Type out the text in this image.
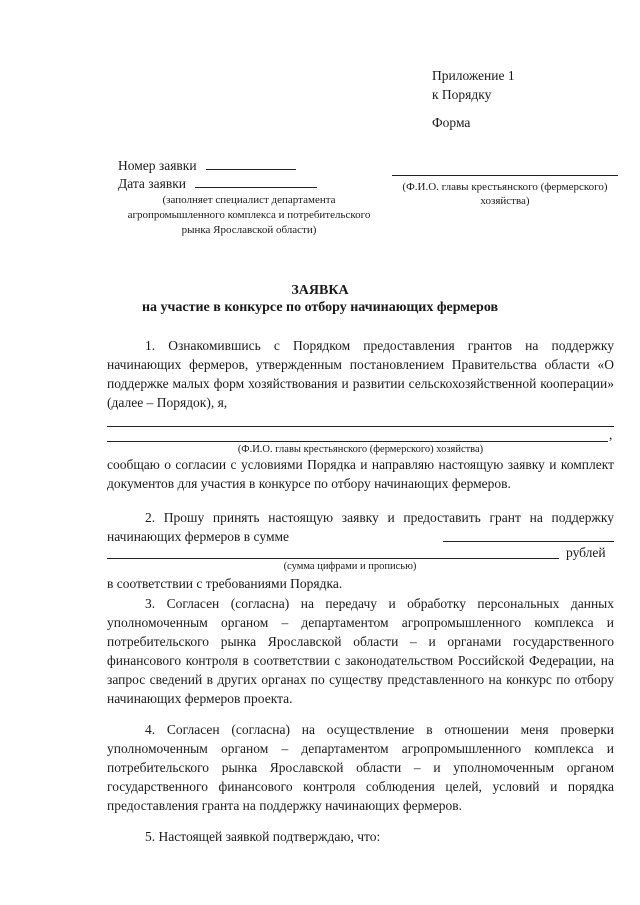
Приложение 1
к Порядку
Форма
Номер заявки
Дата заявки
(заполняет специалист департамента агропромышленного комплекса и потребительского рынка Ярославской области)
(Ф.И.О. главы крестьянского (фермерского) хозяйства)
ЗАЯВКА
на участие в конкурсе по отбору начинающих фермеров
1. Ознакомившись с Порядком предоставления грантов на поддержку начинающих фермеров, утвержденным постановлением Правительства области «О поддержке малых форм хозяйствования и развитии сельскохозяйственной кооперации» (далее – Порядок), я,
,
(Ф.И.О. главы крестьянского (фермерского) хозяйства)
сообщаю о согласии с условиями Порядка и направляю настоящую заявку и комплект документов для участия в конкурсе по отбору начинающих фермеров.
2. Прошу принять настоящую заявку и предоставить грант на поддержку начинающих фермеров в сумме
рублей
(сумма цифрами и прописью)
в соответствии с требованиями Порядка.
3. Согласен (согласна) на передачу и обработку персональных данных уполномоченным органом – департаментом агропромышленного комплекса и потребительского рынка Ярославской области – и органами государственного финансового контроля в соответствии с законодательством Российской Федерации, на запрос сведений в других органах по существу представленного на конкурс по отбору начинающих фермеров проекта.
4. Согласен (согласна) на осуществление в отношении меня проверки уполномоченным органом – департаментом агропромышленного комплекса и потребительского рынка Ярославской области – и уполномоченным органом государственного финансового контроля соблюдения целей, условий и порядка предоставления гранта на поддержку начинающих фермеров.
5. Настоящей заявкой подтверждаю, что:
